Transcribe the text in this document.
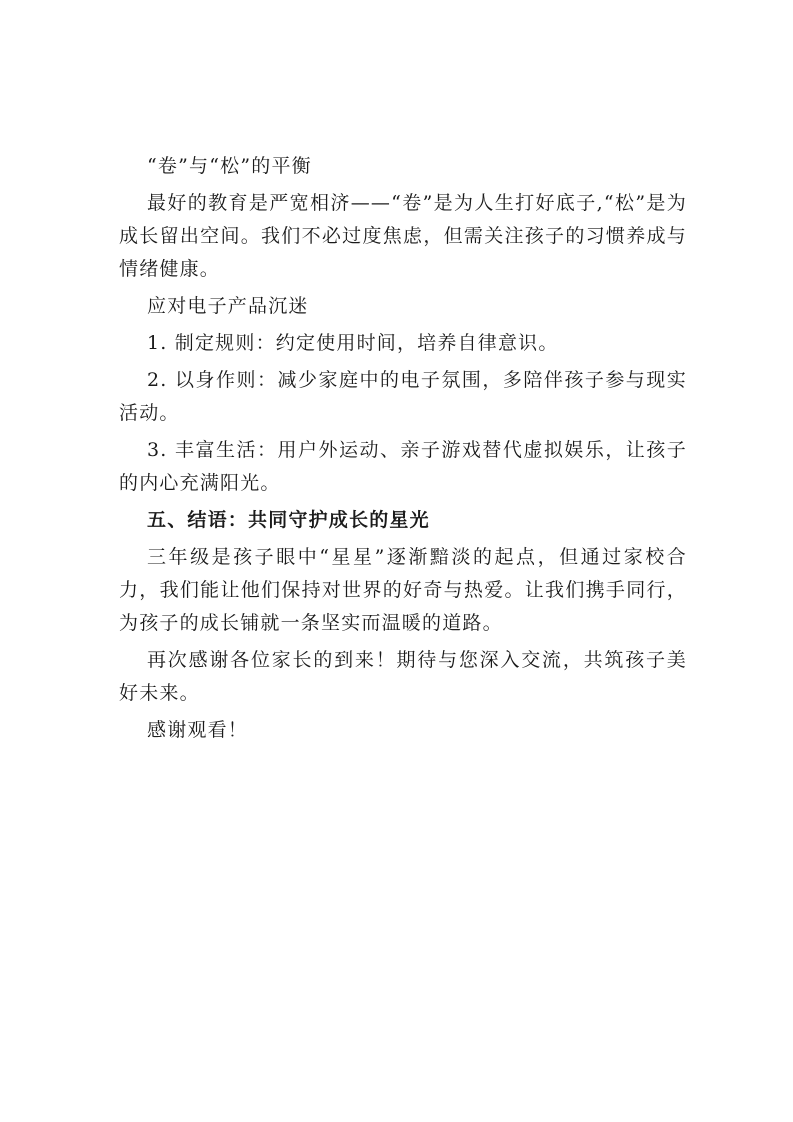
“卷”与“松”的平衡

最好的教育是严宽相济——“卷”是为人生打好底子,“松”是为成长留出空间。我们不必过度焦虑，但需关注孩子的习惯养成与情绪健康。

应对电子产品沉迷

1. 制定规则：约定使用时间，培养自律意识。

2. 以身作则：减少家庭中的电子氛围，多陪伴孩子参与现实活动。

3. 丰富生活：用户外运动、亲子游戏替代虚拟娱乐，让孩子的内心充满阳光。

五、结语：共同守护成长的星光

三年级是孩子眼中“星星”逐渐黯淡的起点，但通过家校合力，我们能让他们保持对世界的好奇与热爱。让我们携手同行，为孩子的成长铺就一条坚实而温暖的道路。

再次感谢各位家长的到来！期待与您深入交流，共筑孩子美好未来。

感谢观看！
